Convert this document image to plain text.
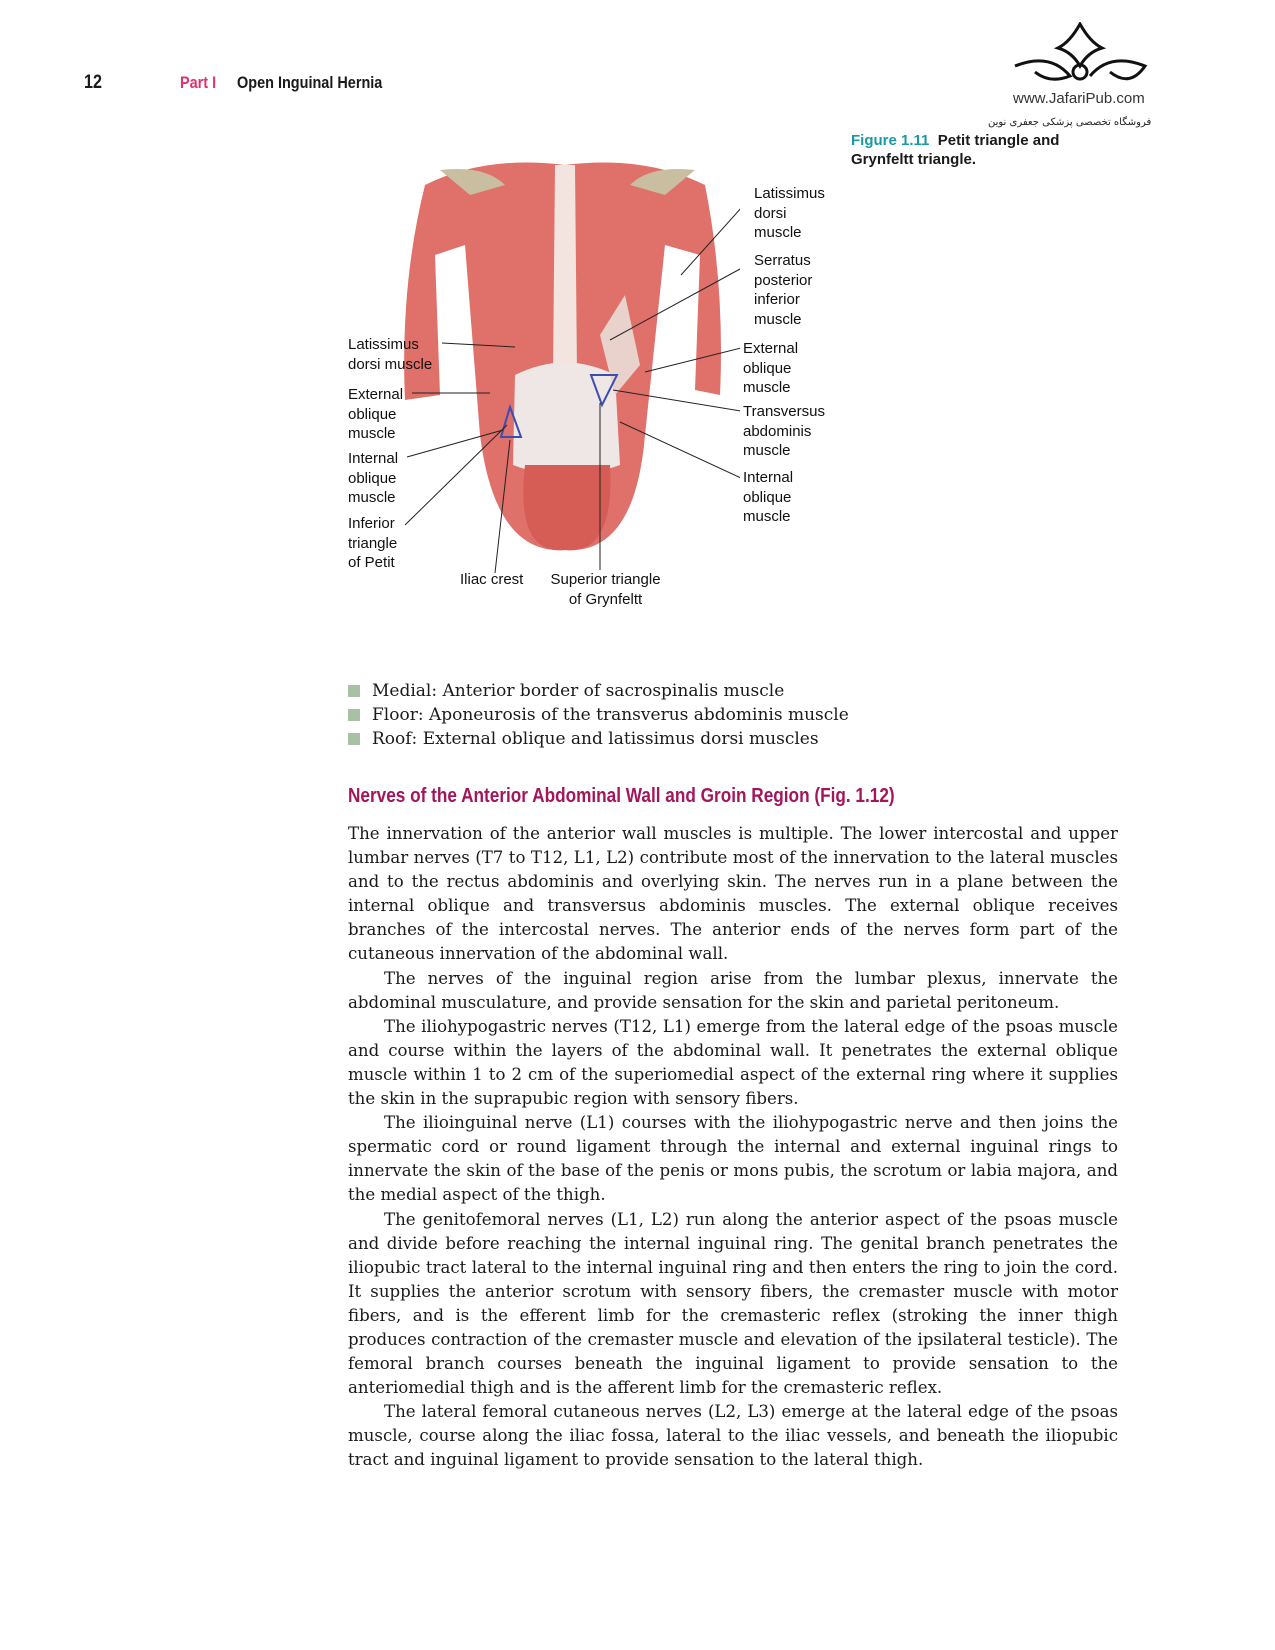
12	Part I Open Inguinal Hernia
www.JafariPub.com
فروشگاه تخصصی پزشکی جعفری نوین
Figure 1.11 Petit triangle and Grynfeltt triangle.
Latissimus dorsi muscle
External oblique muscle
Internal oblique muscle
Inferior triangle of Petit
Iliac crest	Superior triangle of Grynfeltt
Latissimus dorsi muscle
Serratus posterior inferior muscle
External oblique muscle
Transversus abdominis muscle
Internal oblique muscle
Medial: Anterior border of sacrospinalis muscle
Floor: Aponeurosis of the transverus abdominis muscle
Roof: External oblique and latissimus dorsi muscles
Nerves of the Anterior Abdominal Wall and Groin Region (Fig. 1.12)

The innervation of the anterior wall muscles is multiple. The lower intercostal and upper lumbar nerves (T7 to T12, L1, L2) contribute most of the innervation to the lateral muscles and to the rectus abdominis and overlying skin. The nerves run in a plane between the internal oblique and transversus abdominis muscles. The external oblique receives branches of the intercostal nerves. The anterior ends of the nerves form part of the cutaneous innervation of the abdominal wall.

The nerves of the inguinal region arise from the lumbar plexus, innervate the abdominal musculature, and provide sensation for the skin and parietal peritoneum.

The iliohypogastric nerves (T12, L1) emerge from the lateral edge of the psoas muscle and course within the layers of the abdominal wall. It penetrates the external oblique muscle within 1 to 2 cm of the superiomedial aspect of the external ring where it supplies the skin in the suprapubic region with sensory fibers.

The ilioinguinal nerve (L1) courses with the iliohypogastric nerve and then joins the spermatic cord or round ligament through the internal and external inguinal rings to innervate the skin of the base of the penis or mons pubis, the scrotum or labia majora, and the medial aspect of the thigh.

The genitofemoral nerves (L1, L2) run along the anterior aspect of the psoas muscle and divide before reaching the internal inguinal ring. The genital branch penetrates the iliopubic tract lateral to the internal inguinal ring and then enters the ring to join the cord. It supplies the anterior scrotum with sensory fibers, the cremaster muscle with motor fibers, and is the efferent limb for the cremasteric reflex (stroking the inner thigh produces contraction of the cremaster muscle and elevation of the ipsilateral testicle). The femoral branch courses beneath the inguinal ligament to provide sensation to the anteriomedial thigh and is the afferent limb for the cremasteric reflex.

The lateral femoral cutaneous nerves (L2, L3) emerge at the lateral edge of the psoas muscle, course along the iliac fossa, lateral to the iliac vessels, and beneath the iliopubic tract and inguinal ligament to provide sensation to the lateral thigh.
